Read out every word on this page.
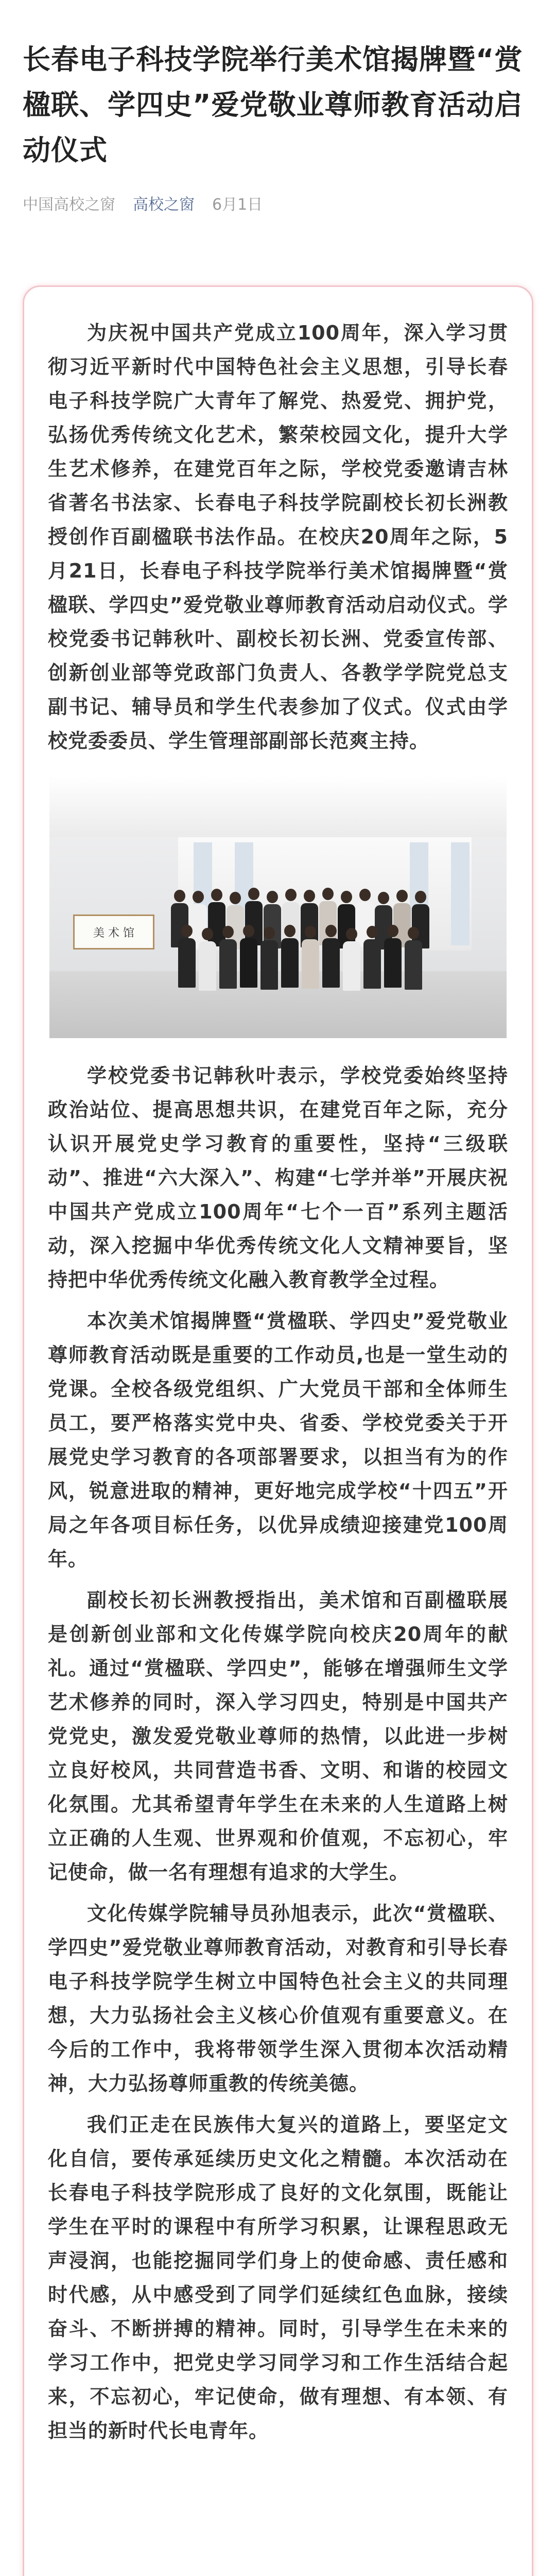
长春电子科技学院举行美术馆揭牌暨“赏楹联、学四史”爱党敬业尊师教育活动启动仪式
中国高校之窗 高校之窗 6月1日

为庆祝中国共产党成立100周年，深入学习贯彻习近平新时代中国特色社会主义思想，引导长春电子科技学院广大青年了解党、热爱党、拥护党，弘扬优秀传统文化艺术，繁荣校园文化，提升大学生艺术修养，在建党百年之际，学校党委邀请吉林省著名书法家、长春电子科技学院副校长初长洲教授创作百副楹联书法作品。在校庆20周年之际，5月21日，长春电子科技学院举行美术馆揭牌暨“赏楹联、学四史”爱党敬业尊师教育活动启动仪式。学校党委书记韩秋叶、副校长初长洲、党委宣传部、创新创业部等党政部门负责人、各教学学院党总支副书记、辅导员和学生代表参加了仪式。仪式由学校党委委员、学生管理部副部长范爽主持。

美 术 馆

学校党委书记韩秋叶表示，学校党委始终坚持政治站位、提高思想共识，在建党百年之际，充分认识开展党史学习教育的重要性，坚持“三级联动”、推进“六大深入”、构建“七学并举”开展庆祝中国共产党成立100周年“七个一百”系列主题活动，深入挖掘中华优秀传统文化人文精神要旨，坚持把中华优秀传统文化融入教育教学全过程。

本次美术馆揭牌暨“赏楹联、学四史”爱党敬业尊师教育活动既是重要的工作动员,也是一堂生动的党课。全校各级党组织、广大党员干部和全体师生员工，要严格落实党中央、省委、学校党委关于开展党史学习教育的各项部署要求，以担当有为的作风，锐意进取的精神，更好地完成学校“十四五”开局之年各项目标任务，以优异成绩迎接建党100周年。

副校长初长洲教授指出，美术馆和百副楹联展是创新创业部和文化传媒学院向校庆20周年的献礼。通过“赏楹联、学四史”，能够在增强师生文学艺术修养的同时，深入学习四史，特别是中国共产党党史，激发爱党敬业尊师的热情，以此进一步树立良好校风，共同营造书香、文明、和谐的校园文化氛围。尤其希望青年学生在未来的人生道路上树立正确的人生观、世界观和价值观，不忘初心，牢记使命，做一名有理想有追求的大学生。

文化传媒学院辅导员孙旭表示，此次“赏楹联、学四史”爱党敬业尊师教育活动，对教育和引导长春电子科技学院学生树立中国特色社会主义的共同理想，大力弘扬社会主义核心价值观有重要意义。在今后的工作中，我将带领学生深入贯彻本次活动精神，大力弘扬尊师重教的传统美德。

我们正走在民族伟大复兴的道路上，要坚定文化自信，要传承延续历史文化之精髓。本次活动在长春电子科技学院形成了良好的文化氛围，既能让学生在平时的课程中有所学习积累，让课程思政无声浸润，也能挖掘同学们身上的使命感、责任感和时代感，从中感受到了同学们延续红色血脉，接续奋斗、不断拼搏的精神。同时，引导学生在未来的学习工作中，把党史学习同学习和工作生活结合起来，不忘初心，牢记使命，做有理想、有本领、有担当的新时代长电青年。
